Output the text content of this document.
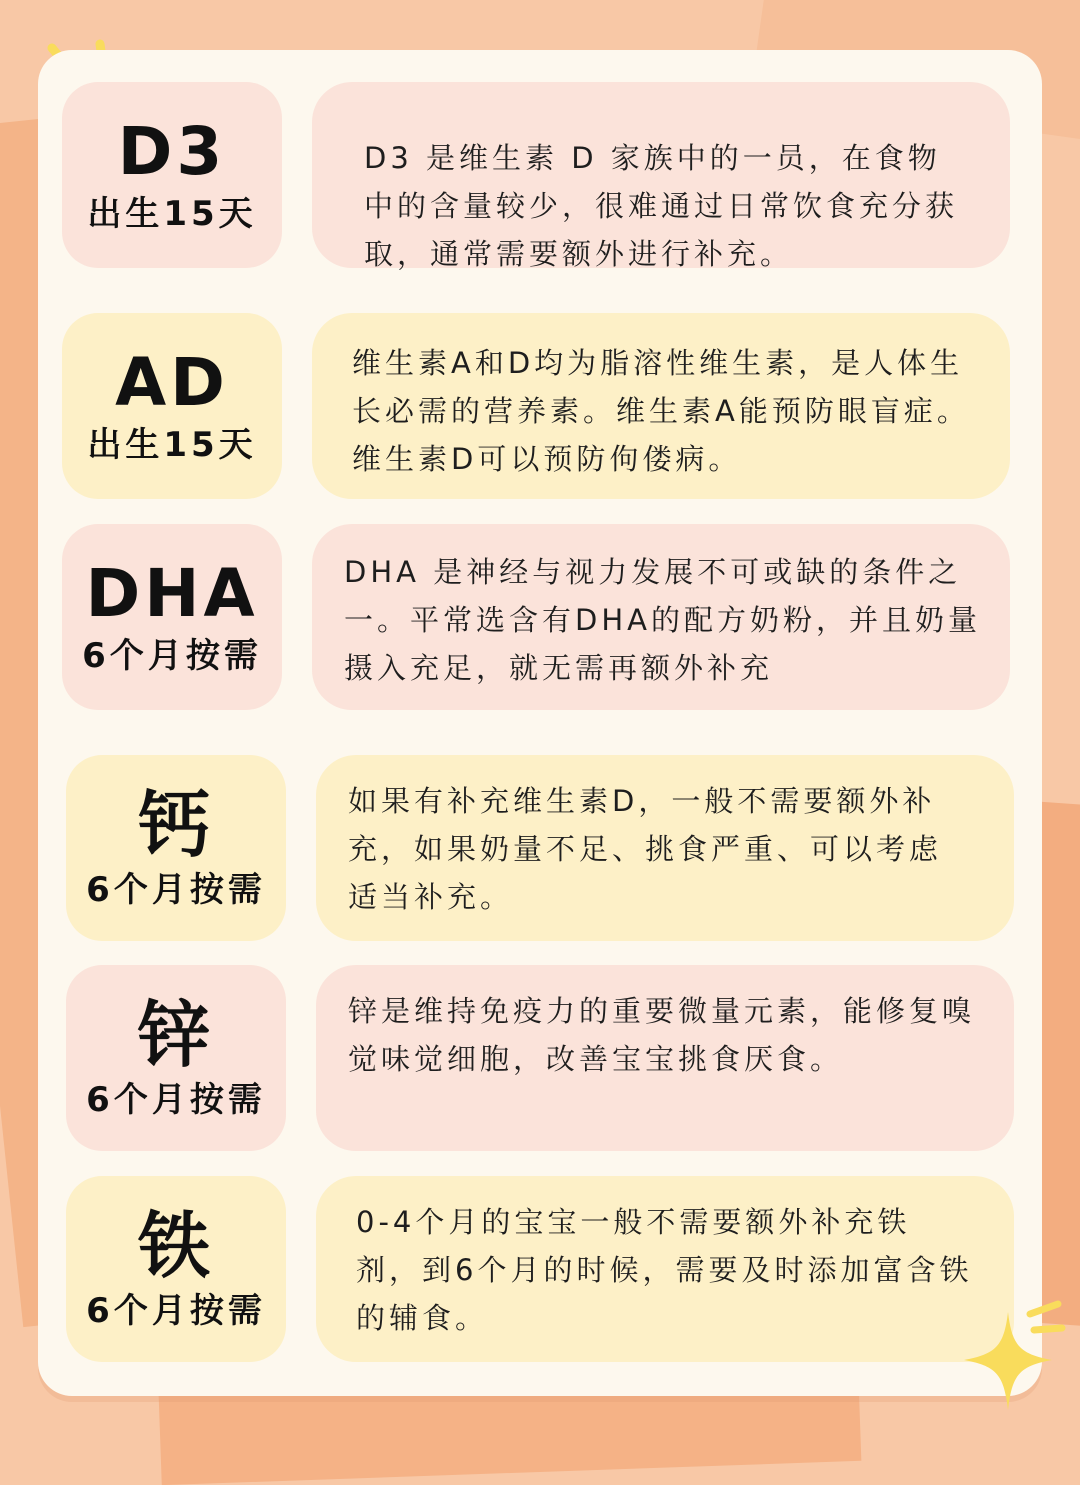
D3
出生15天
D3 是维生素 D 家族中的一员，在食物中的含量较少，很难通过日常饮食充分获取，通常需要额外进行补充。
AD
出生15天
维生素A和D均为脂溶性维生素，是人体生长必需的营养素。维生素A能预防眼盲症。维生素D可以预防佝偻病。
DHA
6个月按需
DHA 是神经与视力发展不可或缺的条件之一。平常选含有DHA的配方奶粉，并且奶量摄入充足，就无需再额外补充
钙
6个月按需
如果有补充维生素D，一般不需要额外补充，如果奶量不足、挑食严重、可以考虑适当补充。
锌
6个月按需
锌是维持免疫力的重要微量元素，能修复嗅觉味觉细胞，改善宝宝挑食厌食。
铁
6个月按需
0-4个月的宝宝一般不需要额外补充铁剂，到6个月的时候，需要及时添加富含铁的辅食。
